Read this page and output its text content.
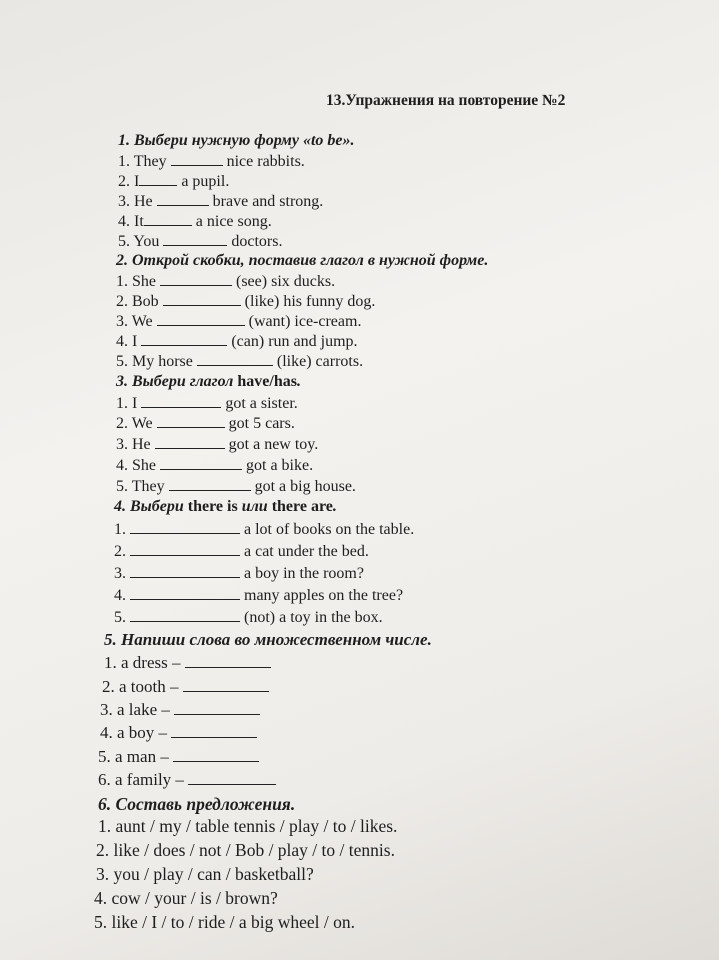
13.Упражнения на повторение №2
1. Выбери нужную форму «to be».
1. They	nice rabbits.
2. I	a pupil.
3. He	brave and strong.
4. It	a nice song.
5. You	doctors.
2. Открой скобки, поставив глагол в нужной форме.
1. She	(see) six ducks.
2. Bob	(like) his funny dog.
3. We	(want) ice-cream.
4. I	(can) run and jump.
5. My horse	(like) carrots.
3. Выбери глагол have/has.
1. I	got a sister.
2. We	got 5 cars.
3. He	got a new toy.
4. She	got a bike.
5. They	got a big house.
4. Выбери there is или there are.
1.	a lot of books on the table.
2.	a cat under the bed.
3.	a boy in the room?
4.	many apples on the tree?
5.	(not) a toy in the box.
5. Напиши слова во множественном числе.
1. a dress –
2. a tooth –
3. a lake –
4. a boy –
5. a man –
6. a family –
6. Составь предложения.
1. aunt / my / table tennis / play / to / likes.
2. like / does / not / Bob / play / to / tennis.
3. you / play / can / basketball?
4. cow / your / is / brown?
5. like / I / to / ride / a big wheel / on.
